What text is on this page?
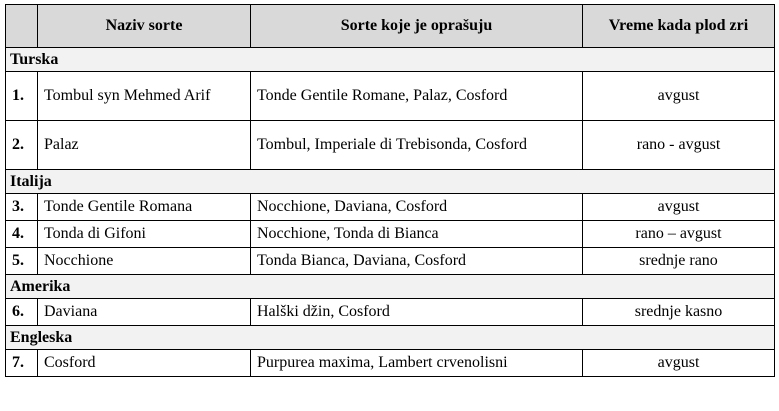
	Naziv sorte	Sorte koje je oprašuju	Vreme kada plod zri
Turska			
1.	Tombul syn Mehmed Arif	Tonde Gentile Romane, Palaz, Cosford	avgust
2.	Palaz	Tombul, Imperiale di Trebisonda, Cosford	rano - avgust
Italija			
3.	Tonde Gentile Romana	Nocchione, Daviana, Cosford	avgust
4.	Tonda di Gifoni	Nocchione, Tonda di Bianca	rano – avgust
5.	Nocchione	Tonda Bianca, Daviana, Cosford	srednje rano
Amerika			
6.	Daviana	Halški džin, Cosford	srednje kasno
Engleska			
7.	Cosford	Purpurea maxima, Lambert crvenolisni	avgust
